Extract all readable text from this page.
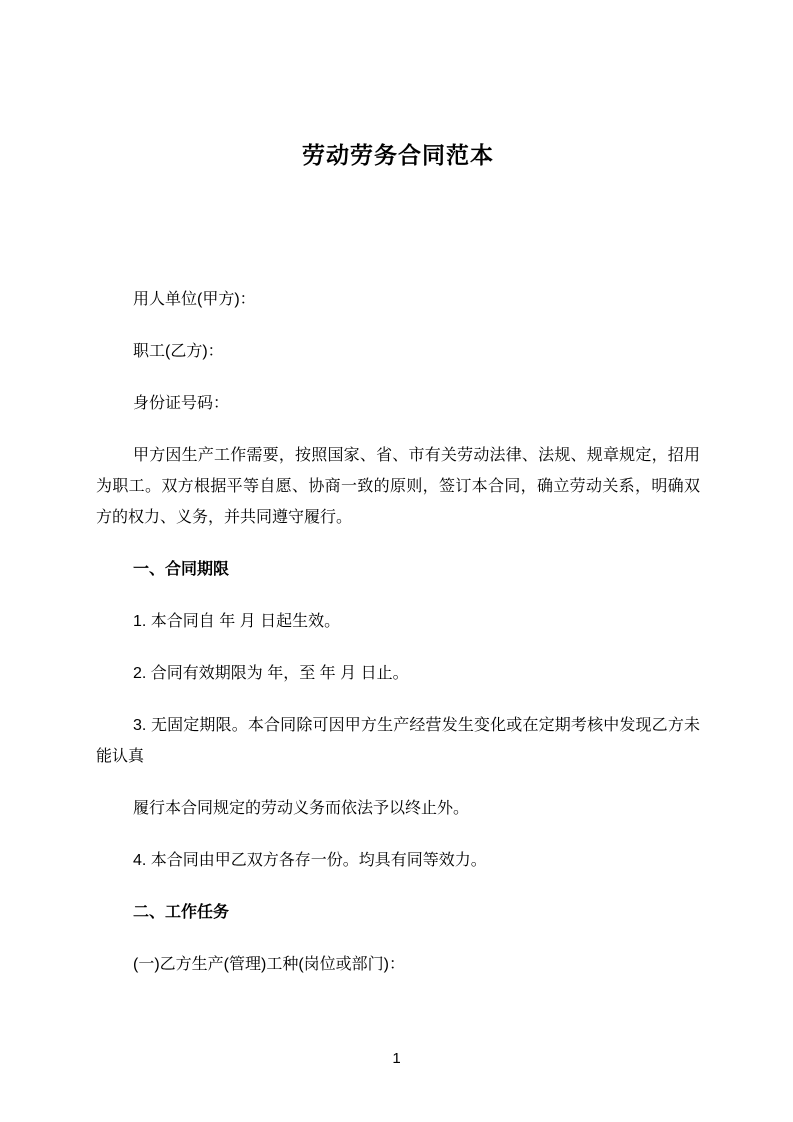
劳动劳务合同范本

用人单位(甲方)：

职工(乙方)：

身份证号码：

甲方因生产工作需要，按照国家、省、市有关劳动法律、法规、规章规定，招用 为职工。双方根据平等自愿、协商一致的原则，签订本合同，确立劳动关系，明确双方的权力、义务，并共同遵守履行。

一、合同期限

1. 本合同自 年 月 日起生效。

2. 合同有效期限为 年，至 年 月 日止。

3. 无固定期限。本合同除可因甲方生产经营发生变化或在定期考核中发现乙方未能认真

履行本合同规定的劳动义务而依法予以终止外。

4. 本合同由甲乙双方各存一份。均具有同等效力。

二、工作任务

(一)乙方生产(管理)工种(岗位或部门)：

1
